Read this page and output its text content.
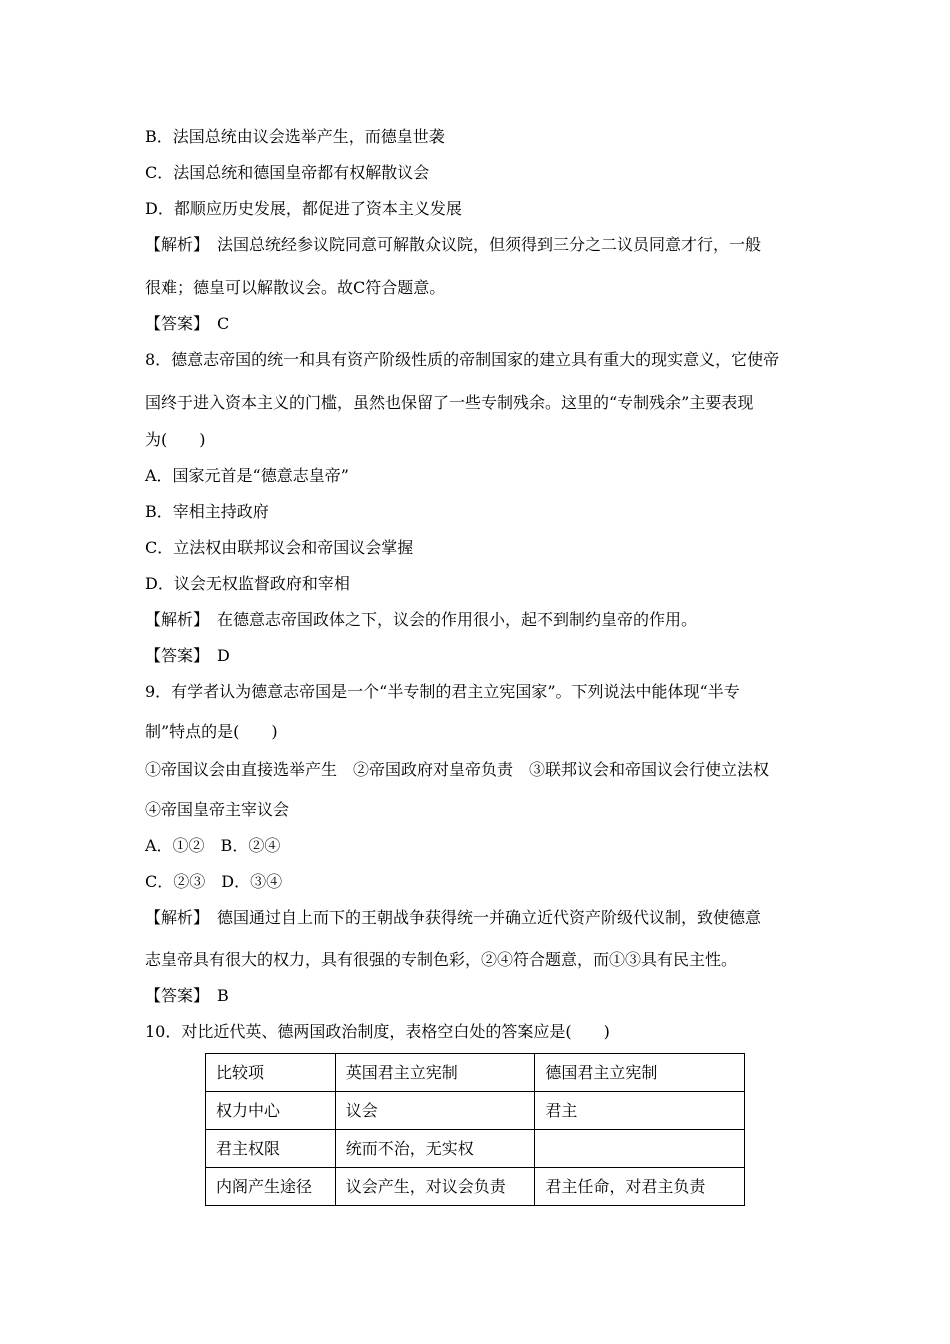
B．法国总统由议会选举产生，而德皇世袭
C．法国总统和德国皇帝都有权解散议会
D．都顺应历史发展，都促进了资本主义发展
【解析】　法国总统经参议院同意可解散众议院，但须得到三分之二议员同意才行，一般
很难；德皇可以解散议会。故C符合题意。
【答案】　C
8．德意志帝国的统一和具有资产阶级性质的帝制国家的建立具有重大的现实意义，它使帝
国终于进入资本主义的门槛，虽然也保留了一些专制残余。这里的“专制残余”主要表现
为(　　)
A．国家元首是“德意志皇帝”
B．宰相主持政府
C．立法权由联邦议会和帝国议会掌握
D．议会无权监督政府和宰相
【解析】　在德意志帝国政体之下，议会的作用很小，起不到制约皇帝的作用。
【答案】　D
9．有学者认为德意志帝国是一个“半专制的君主立宪国家”。下列说法中能体现“半专
制”特点的是(　　)
①帝国议会由直接选举产生　②帝国政府对皇帝负责　③联邦议会和帝国议会行使立法权
④帝国皇帝主宰议会
A．①②　B．②④
C．②③　D．③④
【解析】　德国通过自上而下的王朝战争获得统一并确立近代资产阶级代议制，致使德意
志皇帝具有很大的权力，具有很强的专制色彩，②④符合题意，而①③具有民主性。
【答案】　B
10．对比近代英、德两国政治制度，表格空白处的答案应是(　　)
比较项	英国君主立宪制	德国君主立宪制
权力中心	议会	君主
君主权限	统而不治，无实权	
内阁产生途径	议会产生，对议会负责	君主任命，对君主负责
